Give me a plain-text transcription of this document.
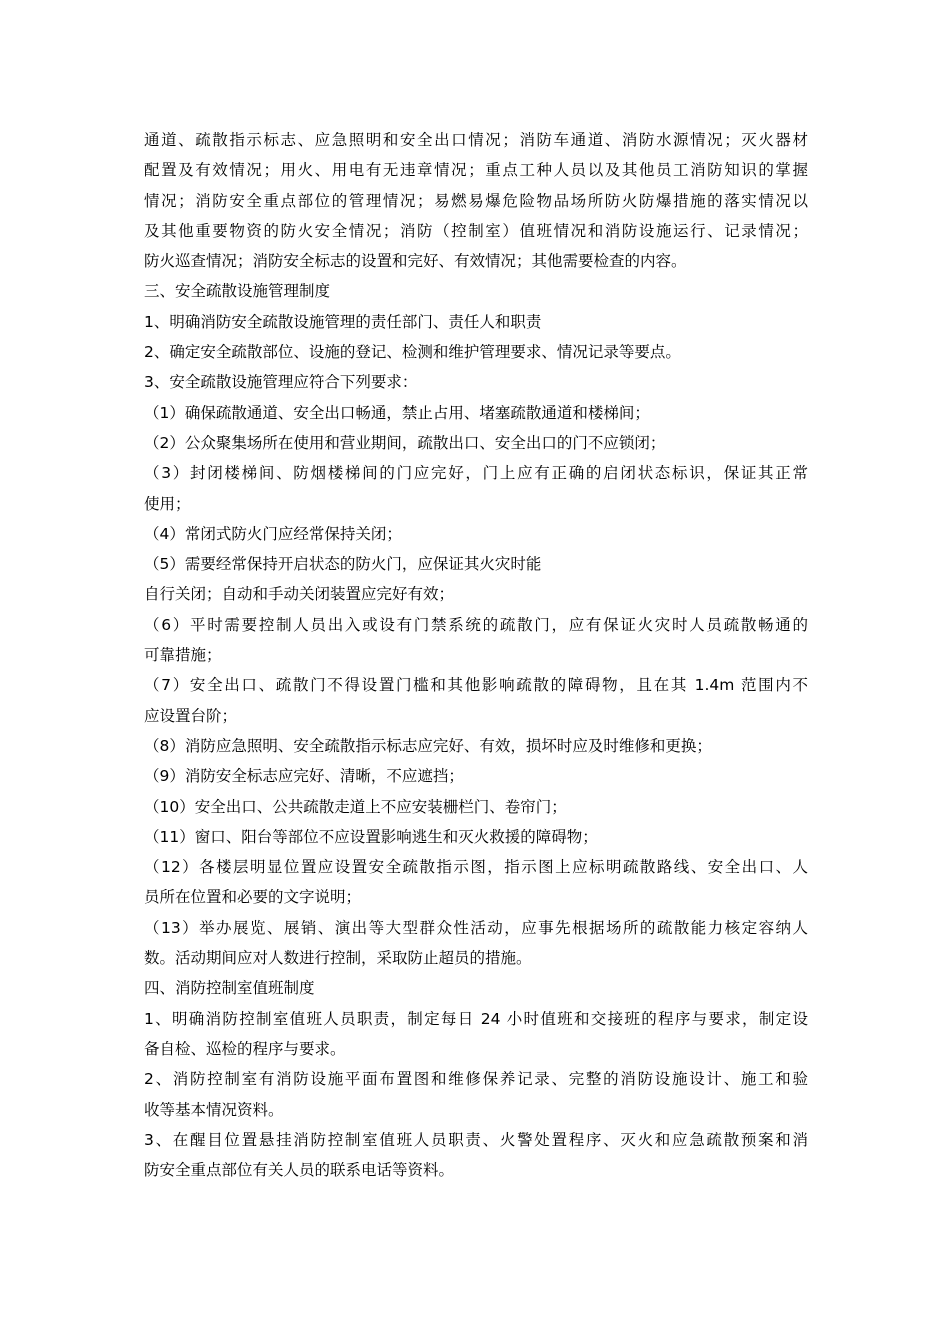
通道、疏散指示标志、应急照明和安全出口情况；消防车通道、消防水源情况；灭火器材
配置及有效情况；用火、用电有无违章情况；重点工种人员以及其他员工消防知识的掌握
情况；消防安全重点部位的管理情况；易燃易爆危险物品场所防火防爆措施的落实情况以
及其他重要物资的防火安全情况；消防（控制室）值班情况和消防设施运行、记录情况；
防火巡查情况；消防安全标志的设置和完好、有效情况；其他需要检查的内容。
三、安全疏散设施管理制度
1、明确消防安全疏散设施管理的责任部门、责任人和职责
2、确定安全疏散部位、设施的登记、检测和维护管理要求、情况记录等要点。
3、安全疏散设施管理应符合下列要求：
（1）确保疏散通道、安全出口畅通，禁止占用、堵塞疏散通道和楼梯间；
（2）公众聚集场所在使用和营业期间，疏散出口、安全出口的门不应锁闭；
（3）封闭楼梯间、防烟楼梯间的门应完好，门上应有正确的启闭状态标识，保证其正常
使用；
（4）常闭式防火门应经常保持关闭；
（5）需要经常保持开启状态的防火门，应保证其火灾时能
自行关闭；自动和手动关闭装置应完好有效；
（6）平时需要控制人员出入或设有门禁系统的疏散门，应有保证火灾时人员疏散畅通的
可靠措施；
（7）安全出口、疏散门不得设置门槛和其他影响疏散的障碍物，且在其 1.4m 范围内不
应设置台阶；
（8）消防应急照明、安全疏散指示标志应完好、有效，损坏时应及时维修和更换；
（9）消防安全标志应完好、清晰，不应遮挡；
（10）安全出口、公共疏散走道上不应安装栅栏门、卷帘门；
（11）窗口、阳台等部位不应设置影响逃生和灭火救援的障碍物；
（12）各楼层明显位置应设置安全疏散指示图，指示图上应标明疏散路线、安全出口、人
员所在位置和必要的文字说明；
（13）举办展览、展销、演出等大型群众性活动，应事先根据场所的疏散能力核定容纳人
数。活动期间应对人数进行控制，采取防止超员的措施。
四、消防控制室值班制度
1、明确消防控制室值班人员职责，制定每日 24 小时值班和交接班的程序与要求，制定设
备自检、巡检的程序与要求。
2、消防控制室有消防设施平面布置图和维修保养记录、完整的消防设施设计、施工和验
收等基本情况资料。
3、在醒目位置悬挂消防控制室值班人员职责、火警处置程序、灭火和应急疏散预案和消
防安全重点部位有关人员的联系电话等资料。
